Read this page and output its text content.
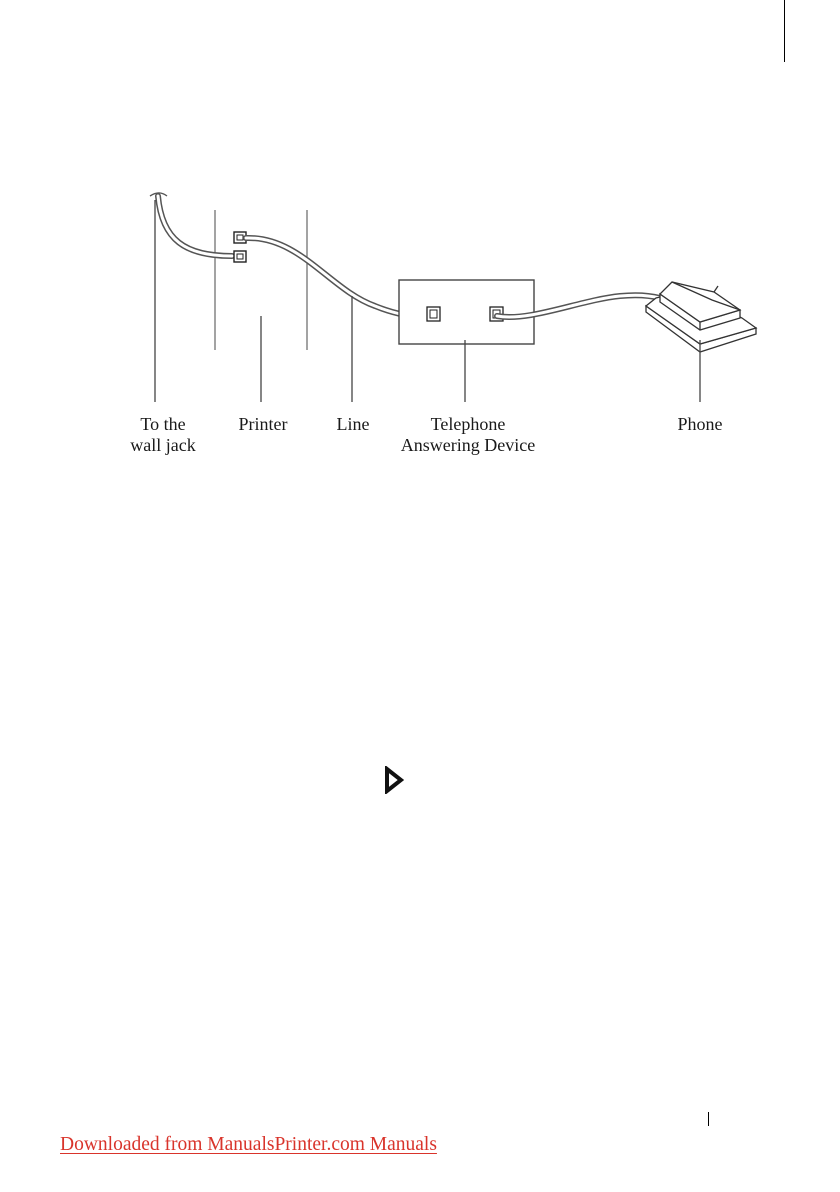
To the
wall jack
Printer	Line	Telephone
Answering Device
Phone
Downloaded from ManualsPrinter.com Manuals
